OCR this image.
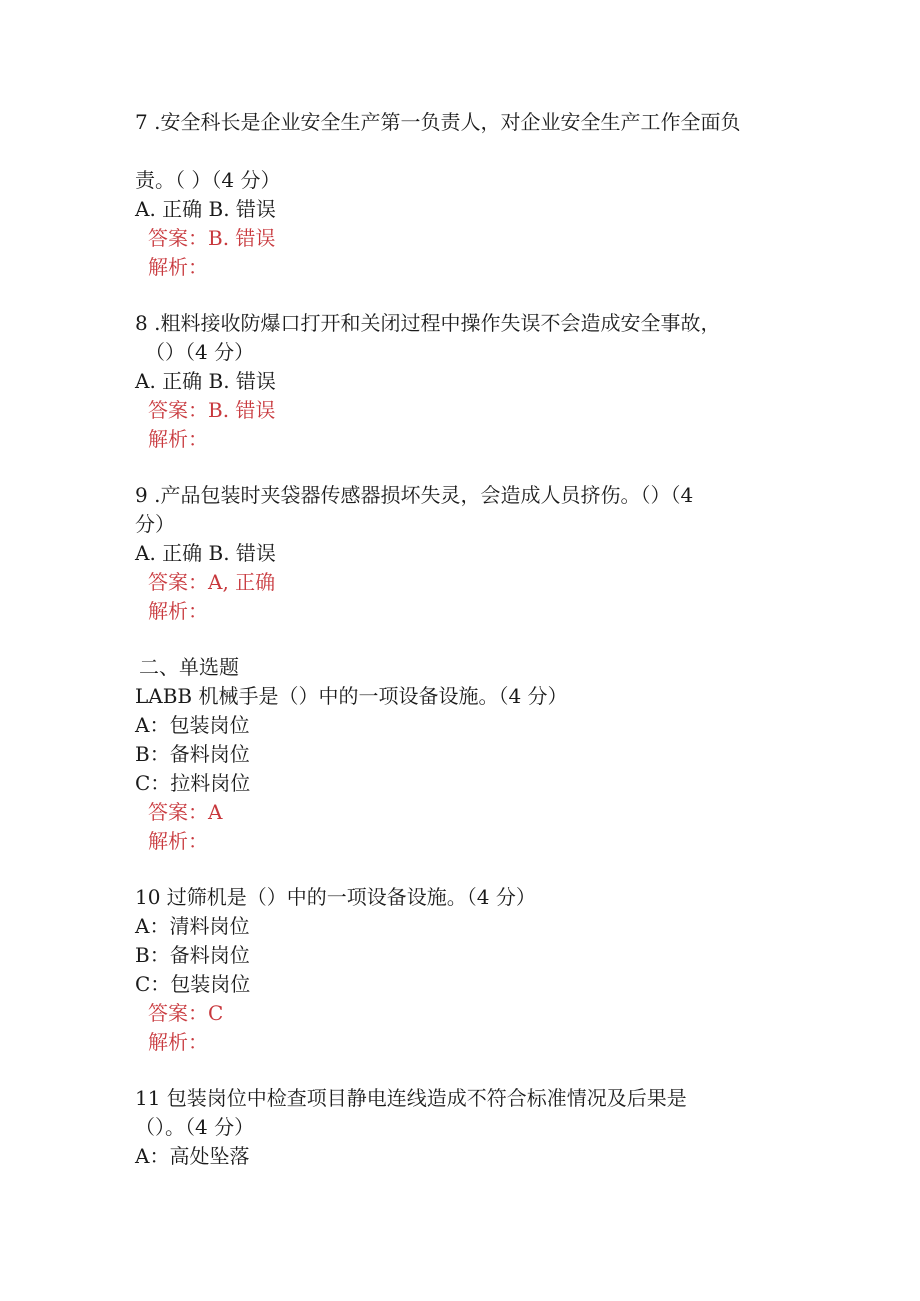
7 .安全科长是企业安全生产第一负责人，对企业安全生产工作全面负
责。（ ）（4 分）
A. 正确 B. 错误
答案：B. 错误
解析：
8 .粗料接收防爆口打开和关闭过程中操作失误不会造成安全事故，
（）（4 分）
A. 正确 B. 错误
答案：B. 错误
解析：
9 .产品包装时夹袋器传感器损坏失灵，会造成人员挤伤。（）（4
分）
A. 正确 B. 错误
答案：A, 正确
解析：
二、单选题
LABB 机械手是（）中的一项设备设施。（4 分）
A：包装岗位
B：备料岗位
C：拉料岗位
答案：A
解析：
10 过筛机是（）中的一项设备设施。（4 分）
A：清料岗位
B：备料岗位
C：包装岗位
答案：C
解析：
11 包装岗位中检查项目静电连线造成不符合标准情况及后果是
（）。（4 分）
A：高处坠落
